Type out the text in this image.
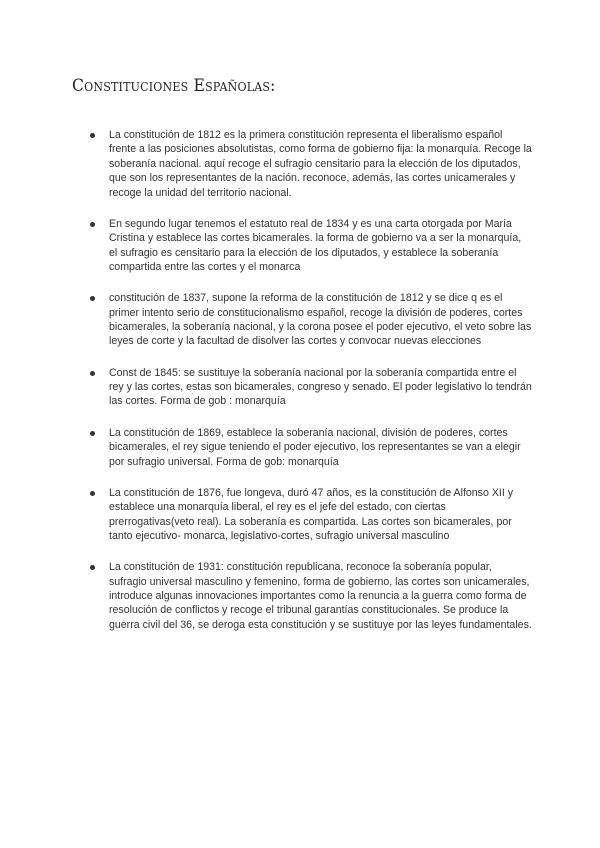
Constituciones Españolas:
La constitución de 1812 es la primera constitución representa el liberalismo español frente a las posiciones absolutistas, como forma de gobierno fija: la monarquía. Recoge la soberanía nacional. aquí recoge el sufragio censitario para la elección de los diputados, que son los representantes de la nación. reconoce, además, las cortes unicamerales y recoge la unidad del territorio nacional.
En segundo lugar tenemos el estatuto real de 1834 y es una carta otorgada por María Cristina y establece las cortes bicamerales. la forma de gobierno va a ser la monarquía, el sufragio es censitario para la elección de los diputados, y establece la soberanía compartida entre las cortes y el monarca
constitución de 1837, supone la reforma de la constitución de 1812 y se dice q es el primer intento serio de constitucionalismo español, recoge la división de poderes, cortes bicamerales, la soberanía nacional, y la corona posee el poder ejecutivo, el veto sobre las leyes de corte y la facultad de disolver las cortes y convocar nuevas elecciones
Const de 1845: se sustituye la soberanía nacional por la soberanía compartida entre el rey y las cortes, estas son bicamerales, congreso y senado. El poder legislativo lo tendrán las cortes. Forma de gob : monarquía
La constitución de 1869, establece la soberanía nacional, división de poderes, cortes bicamerales, el rey sigue teniendo el poder ejecutivo, los representantes se van a elegir por sufragio universal. Forma de gob: monarquía
La constitución de 1876, fue longeva, duró 47 años, es la constitución de Alfonso XII y establece una monarquía liberal, el rey es el jefe del estado, con ciertas prerrogativas(veto real). La soberanía es compartida. Las cortes son bicamerales, por tanto ejecutivo- monarca, legislativo-cortes, sufragio universal masculino
La constitución de 1931: constitución republicana, reconoce la soberanía popular, sufragio universal masculino y femenino, forma de gobierno, las cortes son unicamerales, introduce algunas innovaciones importantes como la renuncia a la guerra como forma de resolución de conflictos y recoge el tribunal garantías constitucionales. Se produce la guerra civil del 36, se deroga esta constitución y se sustituye por las leyes fundamentales.
